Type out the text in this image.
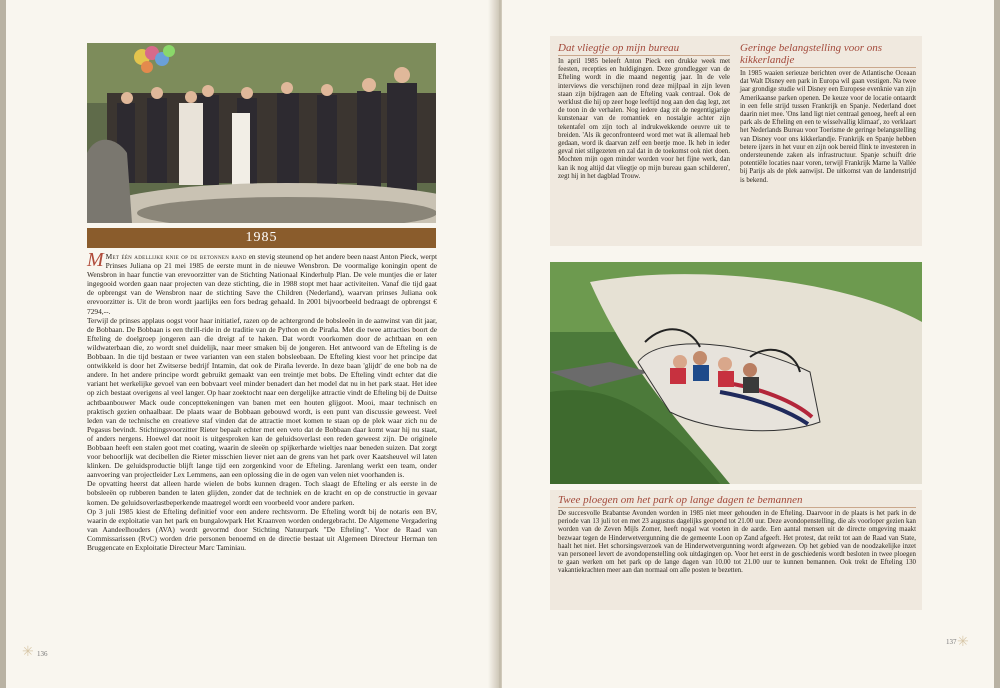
1985

M Met één adellijke knie op de betonnen rand en stevig steunend op het andere been naast Anton Pieck, werpt Prinses Juliana op 21 mei 1985 de eerste munt in de nieuwe Wensbron. De voormalige koningin opent de Wensbron in haar functie van erevoorzitter van de Stichting Nationaal Kinderhulp Plan. De vele muntjes die er later ingegooid worden gaan naar projecten van deze stichting, die in 1988 stopt met haar activiteiten. Vanaf die tijd gaat de opbrengst van de Wensbron naar de stichting Save the Children (Nederland), waarvan prinses Juliana ook erevoorzitter is. Uit de bron wordt jaarlijks een fors bedrag gehaald. In 2001 bijvoorbeeld bedraagt de opbrengst € 7294,--.

Terwijl de prinses applaus oogst voor haar initiatief, razen op de achtergrond de bobsleeën in de aanwinst van dit jaar, de Bobbaan. De Bobbaan is een thrill-ride in de traditie van de Python en de Piraña. Met die twee attracties boort de Efteling de doelgroep jongeren aan die dreigt af te haken. Dat wordt voorkomen door de achtbaan en een wildwaterbaan die, zo wordt snel duidelijk, naar meer smaken bij de jongeren. Het antwoord van de Efteling is de Bobbaan. In die tijd bestaan er twee varianten van een stalen bobsleebaan. De Efteling kiest voor het principe dat ontwikkeld is door het Zwitserse bedrijf Intamin, dat ook de Piraña leverde. In deze baan 'glijdt' de ene bob na de andere. In het andere principe wordt gebruikt gemaakt van een treintje met bobs. De Efteling vindt echter dat die variant het werkelijke gevoel van een bobvaart veel minder benadert dan het model dat nu in het park staat. Het idee op zich bestaat overigens al veel langer. Op haar zoektocht naar een dergelijke attractie vindt de Efteling bij de Duitse achtbaanbouwer Mack oude concepttekeningen van banen met een houten glijgoot. Mooi, maar technisch en praktisch gezien onhaalbaar. De plaats waar de Bobbaan gebouwd wordt, is een punt van discussie geweest. Veel leden van de technische en creatieve staf vinden dat de attractie moet komen te staan op de plek waar zich nu de Pegasus bevindt. Stichtingsvoorzitter Rieter bepaalt echter met een veto dat de Bobbaan daar komt waar hij nu staat, of anders nergens. Hoewel dat nooit is uitgesproken kan de geluidsoverlast een reden geweest zijn. De originele Bobbaan heeft een stalen goot met coating, waarin de sleeën op spijkerharde wieltjes naar beneden suizen. Dat zorgt voor behoorlijk wat decibellen die Rieter misschien liever niet aan de grens van het park over Kaatsheuvel wil laten klinken. De geluidsproductie blijft lange tijd een zorgenkind voor de Efteling. Jarenlang werkt een team, onder aanvoering van projectleider Lex Lemmens, aan een oplossing die in de ogen van velen niet voorhanden is.

De opvatting heerst dat alleen harde wielen de bobs kunnen dragen. Toch slaagt de Efteling er als eerste in de bobsleeën op rubberen banden te laten glijden, zonder dat de techniek en de kracht en op de constructie in gevaar komen. De geluidsoverlastbeperkende maatregel wordt een voorbeeld voor andere parken.

Op 3 juli 1985 kiest de Efteling definitief voor een andere rechtsvorm. De Efteling wordt bij de notaris een BV, waarin de exploitatie van het park en bungalowpark Het Kraanven worden ondergebracht. De Algemene Vergadering van Aandeelhouders (AVA) wordt gevormd door Stichting Natuurpark "De Efteling". Voor de Raad van Commissarissen (RvC) worden drie personen benoemd en de directie bestaat uit Algemeen Directeur Herman ten Bruggencate en Exploitatie Directeur Marc Taminiau.

✳ 136

Dat vliegtje op mijn bureau

In april 1985 beleeft Anton Pieck een drukke week met feesten, recepties en huldigingen. Deze grondlegger van de Efteling wordt in die maand negentig jaar. In de vele interviews die verschijnen rond deze mijlpaal in zijn leven staan zijn bijdragen aan de Efteling vaak centraal. Ook de werklust die hij op zeer hoge leeftijd nog aan den dag legt, zet de toon in de verhalen. Nog iedere dag zit de negentigjarige kunstenaar van de romantiek en nostalgie achter zijn tekentafel om zijn toch al indrukwekkende oeuvre uit te breiden. 'Als ik geconfronteerd word met wat ik allemaal heb gedaan, word ik daarvan zelf een beetje moe. Ik heb in ieder geval niet stilgezeten en zal dat in de toekomst ook niet doen. Mochten mijn ogen minder worden voor het fijne werk, dan kan ik nog altijd dat vliegtje op mijn bureau gaan schilderen', zegt hij in het dagblad Trouw.

Geringe belangstelling voor ons kikkerlandje

In 1985 waaien serieuze berichten over de Atlantische Oceaan dat Walt Disney een park in Europa wil gaan vestigen. Na twee jaar grondige studie wil Disney een Europese evenknie van zijn Amerikaanse parken openen. De keuze voor de locatie ontaardt in een felle strijd tussen Frankrijk en Spanje. Nederland doet daarin niet mee. 'Ons land ligt niet centraal genoeg, heeft al een park als de Efteling en een te wisselvallig klimaat', zo verklaart het Nederlands Bureau voor Toerisme de geringe belangstelling van Disney voor ons kikkerlandje. Frankrijk en Spanje hebben betere ijzers in het vuur en zijn ook bereid flink te investeren in ondersteunende zaken als infrastructuur. Spanje schuift drie potentiële locaties naar voren, terwijl Frankrijk Marne la Vallée bij Parijs als de plek aanwijst. De uitkomst van de landenstrijd is bekend.

Twee ploegen om het park op lange dagen te bemannen

De succesvolle Brabantse Avonden worden in 1985 niet meer gehouden in de Efteling. Daarvoor in de plaats is het park in de periode van 13 juli tot en met 23 augustus dagelijks geopend tot 21.00 uur. Deze avondopenstelling, die als voorloper gezien kan worden van de Zeven Mijls Zomer, heeft nogal wat voeten in de aarde. Een aantal mensen uit de directe omgeving maakt bezwaar tegen de Hinderwetvergunning die de gemeente Loon op Zand afgeeft. Het protest, dat reikt tot aan de Raad van State, haalt het niet. Het schorsingsverzoek van de Hinderwetvergunning wordt afgewezen. Op het gebied van de noodzakelijke inzet van personeel levert de avondopenstelling ook uitdagingen op. Voor het eerst in de geschiedenis wordt besloten in twee ploegen te gaan werken om het park op de lange dagen van 10.00 tot 21.00 uur te kunnen bemannen. Ook trekt de Efteling 130 vakantiekrachten meer aan dan normaal om alle posten te bezetten.

137 ✳
